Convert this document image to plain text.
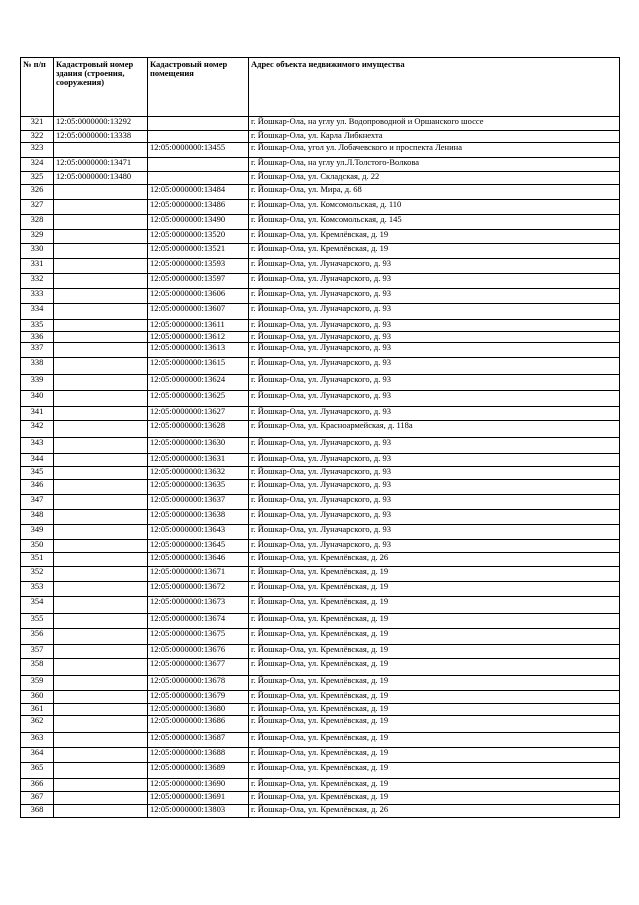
№ п/п	Кадастровый номер здания (строения, сооружения)	Кадастровый номер помещения	Адрес объекта недвижимого имущества
321	12:05:0000000:13292		г. Йошкар-Ола, на углу ул. Водопроводной и Оршанского шоссе
322	12:05:0000000:13338		г. Йошкар-Ола, ул. Карла Либкнехта
323		12:05:0000000:13455	г. Йошкар-Ола, угол ул. Лобачевского и проспекта Ленина
324	12:05:0000000:13471		г. Йошкар-Ола, на углу ул.Л.Толстого-Волкова
325	12:05:0000000:13480		г. Йошкар-Ола, ул. Складская, д. 22
326		12:05:0000000:13484	г. Йошкар-Ола, ул. Мира, д. 68
327		12:05:0000000:13486	г. Йошкар-Ола, ул. Комсомольская, д. 110
328		12:05:0000000:13490	г. Йошкар-Ола, ул. Комсомольская, д. 145
329		12:05:0000000:13520	г. Йошкар-Ола, ул. Кремлёвская, д. 19
330		12:05:0000000:13521	г. Йошкар-Ола, ул. Кремлёвская, д. 19
331		12:05:0000000:13593	г. Йошкар-Ола, ул. Луначарского, д. 93
332		12:05:0000000:13597	г. Йошкар-Ола, ул. Луначарского, д. 93
333		12:05:0000000:13606	г. Йошкар-Ола, ул. Луначарского, д. 93
334		12:05:0000000:13607	г. Йошкар-Ола, ул. Луначарского, д. 93
335		12:05:0000000:13611	г. Йошкар-Ола, ул. Луначарского, д. 93
336		12:05:0000000:13612	г. Йошкар-Ола, ул. Луначарского, д. 93
337		12:05:0000000:13613	г. Йошкар-Ола, ул. Луначарского, д. 93
338		12:05:0000000:13615	г. Йошкар-Ола, ул. Луначарского, д. 93
339		12:05:0000000:13624	г. Йошкар-Ола, ул. Луначарского, д. 93
340		12:05:0000000:13625	г. Йошкар-Ола, ул. Луначарского, д. 93
341		12:05:0000000:13627	г. Йошкар-Ола, ул. Луначарского, д. 93
342		12:05:0000000:13628	г. Йошкар-Ола, ул. Красноармейская, д. 118а
343		12:05:0000000:13630	г. Йошкар-Ола, ул. Луначарского, д. 93
344		12:05:0000000:13631	г. Йошкар-Ола, ул. Луначарского, д. 93
345		12:05:0000000:13632	г. Йошкар-Ола, ул. Луначарского, д. 93
346		12:05:0000000:13635	г. Йошкар-Ола, ул. Луначарского, д. 93
347		12:05:0000000:13637	г. Йошкар-Ола, ул. Луначарского, д. 93
348		12:05:0000000:13638	г. Йошкар-Ола, ул. Луначарского, д. 93
349		12:05:0000000:13643	г. Йошкар-Ола, ул. Луначарского, д. 93
350		12:05:0000000:13645	г. Йошкар-Ола, ул. Луначарского, д. 93
351		12:05:0000000:13646	г. Йошкар-Ола, ул. Кремлёвская, д. 26
352		12:05:0000000:13671	г. Йошкар-Ола, ул. Кремлёвская, д. 19
353		12:05:0000000:13672	г. Йошкар-Ола, ул. Кремлёвская, д. 19
354		12:05:0000000:13673	г. Йошкар-Ола, ул. Кремлёвская, д. 19
355		12:05:0000000:13674	г. Йошкар-Ола, ул. Кремлёвская, д. 19
356		12:05:0000000:13675	г. Йошкар-Ола, ул. Кремлёвская, д. 19
357		12:05:0000000:13676	г. Йошкар-Ола, ул. Кремлёвская, д. 19
358		12:05:0000000:13677	г. Йошкар-Ола, ул. Кремлёвская, д. 19
359		12:05:0000000:13678	г. Йошкар-Ола, ул. Кремлёвская, д. 19
360		12:05:0000000:13679	г. Йошкар-Ола, ул. Кремлёвская, д. 19
361		12:05:0000000:13680	г. Йошкар-Ола, ул. Кремлёвская, д. 19
362		12:05:0000000:13686	г. Йошкар-Ола, ул. Кремлёвская, д. 19
363		12:05:0000000:13687	г. Йошкар-Ола, ул. Кремлёвская, д. 19
364		12:05:0000000:13688	г. Йошкар-Ола, ул. Кремлёвская, д. 19
365		12:05:0000000:13689	г. Йошкар-Ола, ул. Кремлёвская, д. 19
366		12:05:0000000:13690	г. Йошкар-Ола, ул. Кремлёвская, д. 19
367		12:05:0000000:13691	г. Йошкар-Ола, ул. Кремлёвская, д. 19
368		12:05:0000000:13803	г. Йошкар-Ола, ул. Кремлёвская, д. 26
